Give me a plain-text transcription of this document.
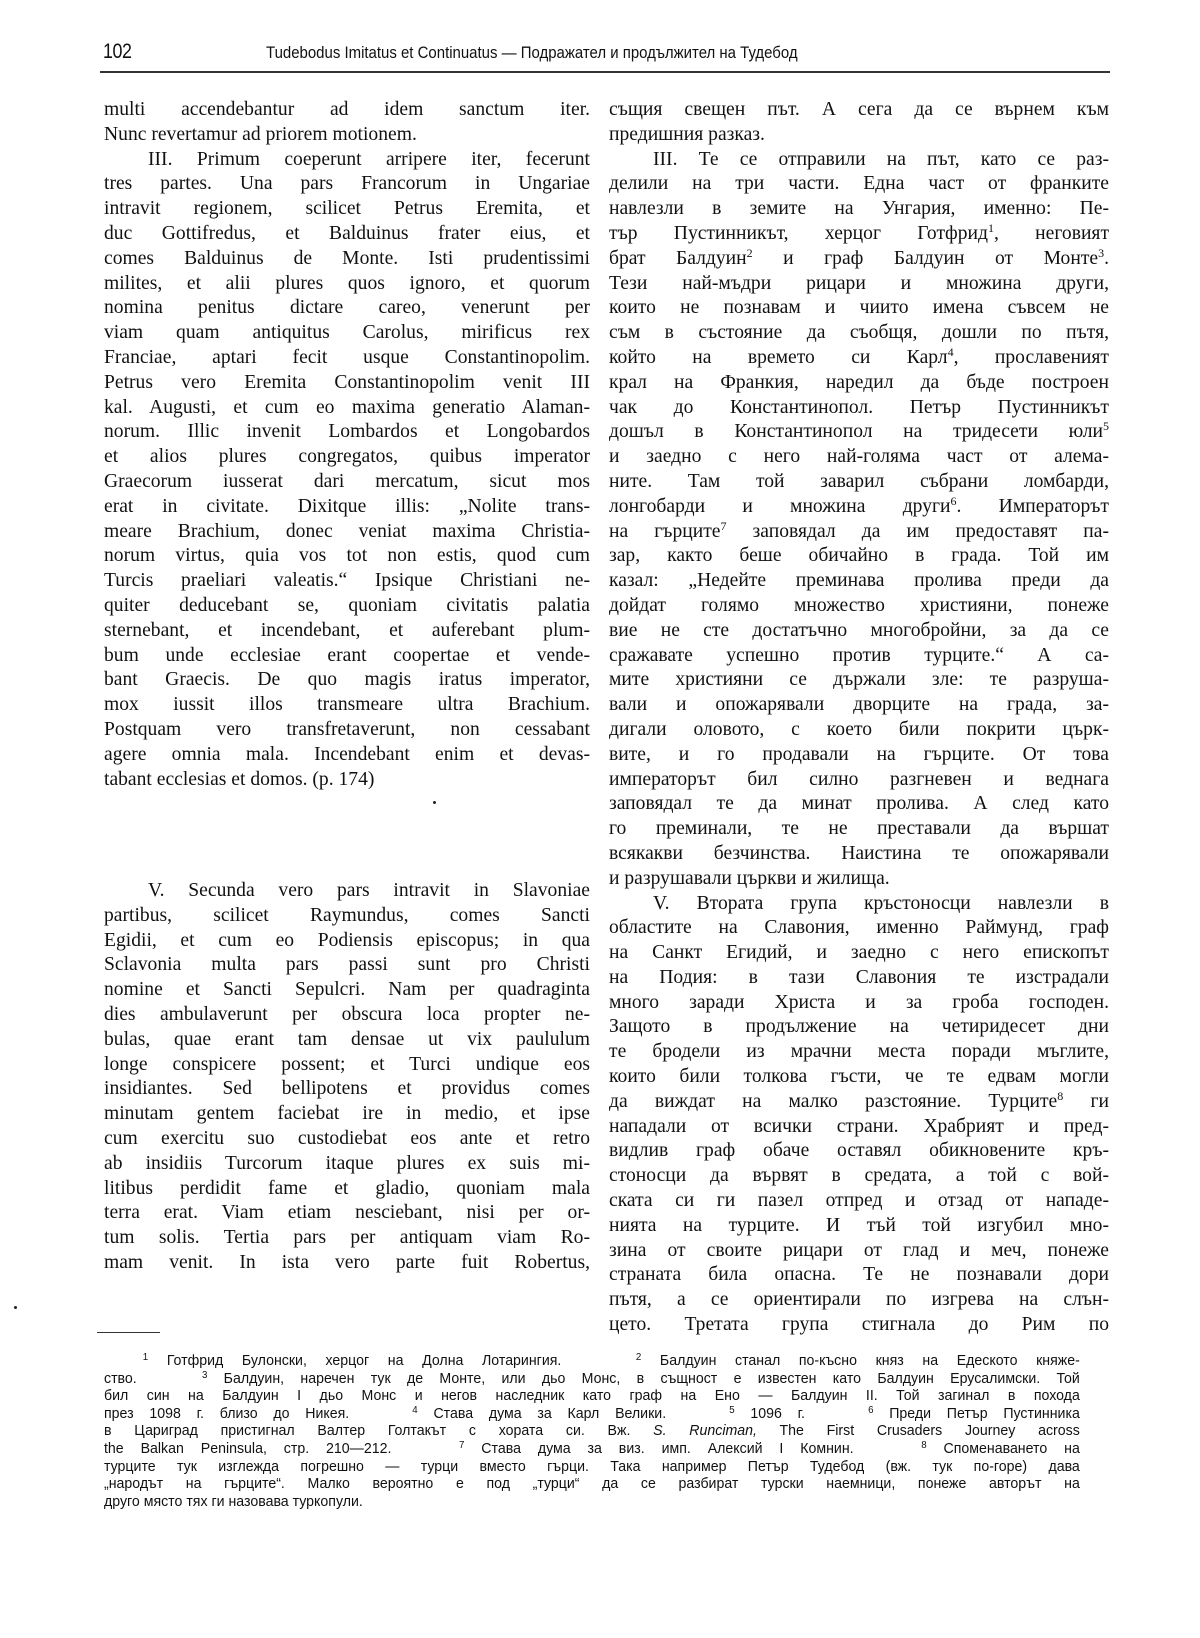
102	Tudebodus Imitatus et Continuatus — Подражател и продължител на Тудебод
multi accendebantur ad idem sanctum iter.
Nunc revertamur ad priorem motionem.
III. Primum coeperunt arripere iter, fecerunt
tres partes. Una pars Francorum in Ungariae
intravit regionem, scilicet Petrus Eremita, et
duc Gottifredus, et Balduinus frater eius, et
comes Balduinus de Monte. Isti prudentissimi
milites, et alii plures quos ignoro, et quorum
nomina penitus dictare careo, venerunt per
viam quam antiquitus Carolus, mirificus rex
Franciae, aptari fecit usque Constantinopolim.
Petrus vero Eremita Constantinopolim venit III
kal. Augusti, et cum eo maxima generatio Alaman-
norum. Illic invenit Lombardos et Longobardos
et alios plures congregatos, quibus imperator
Graecorum iusserat dari mercatum, sicut mos
erat in civitate. Dixitque illis: „Nolite trans-
meare Brachium, donec veniat maxima Christia-
norum virtus, quia vos tot non estis, quod cum
Turcis praeliari valeatis.“ Ipsique Christiani ne-
quiter deducebant se, quoniam civitatis palatia
sternebant, et incendebant, et auferebant plum-
bum unde ecclesiae erant coopertae et vende-
bant Graecis. De quo magis iratus imperator,
mox iussit illos transmeare ultra Brachium.
Postquam vero transfretaverunt, non cessabant
agere omnia mala. Incendebant enim et devas-
tabant ecclesias et domos. (p. 174)
V. Secunda vero pars intravit in Slavoniae
partibus, scilicet Raymundus, comes Sancti
Egidii, et cum eo Podiensis episcopus; in qua
Sclavonia multa pars passi sunt pro Christi
nomine et Sancti Sepulcri. Nam per quadraginta
dies ambulaverunt per obscura loca propter ne-
bulas, quae erant tam densae ut vix paululum
longe conspicere possent; et Turci undique eos
insidiantes. Sed bellipotens et providus comes
minutam gentem faciebat ire in medio, et ipse
cum exercitu suo custodiebat eos ante et retro
ab insidiis Turcorum itaque plures ex suis mi-
litibus perdidit fame et gladio, quoniam mala
terra erat. Viam etiam nesciebant, nisi per or-
tum solis. Tertia pars per antiquam viam Ro-
mam venit. In ista vero parte fuit Robertus,
същия свещен път. А сега да се върнем към
предишния разказ.
III. Те се отправили на път, като се раз-
делили на три части. Една част от франките
навлезли в земите на Унгария, именно: Пе-
тър Пустинникът, херцог Готфрид$^1$, неговият
брат Балдуин$^2$ и граф Балдуин от Монте$^3$.
Тези най-мъдри рицари и множина други,
които не познавам и чиито имена съвсем не
съм в състояние да съобщя, дошли по пътя,
който на времето си Карл$^4$, прославеният
крал на Франкия, наредил да бъде построен
чак до Константинопол. Петър Пустинникът
дошъл в Константинопол на тридесети юли$^5$
и заедно с него най-голяма част от алема-
ните. Там той заварил събрани ломбарди,
лонгобарди и множина други$^6$. Императорът
на гърците$^7$ заповядал да им предоставят па-
зар, както беше обичайно в града. Той им
казал: „Недейте преминава пролива преди да
дойдат голямо множество християни, понеже
вие не сте достатъчно многобройни, за да се
сражавате успешно против турците.“ А са-
мите християни се държали зле: те разруша-
вали и опожарявали дворците на града, за-
дигали оловото, с което били покрити църк-
вите, и го продавали на гърците. От това
императорът бил силно разгневен и веднага
заповядал те да минат пролива. А след като
го преминали, те не преставали да вършат
всякакви безчинства. Наистина те опожарявали
и разрушавали църкви и жилища.
V. Втората група кръстоносци навлезли в
областите на Славония, именно Раймунд, граф
на Санкт Егидий, и заедно с него епископът
на Подия: в тази Славония те изстрадали
много заради Христа и за гроба господен.
Защото в продължение на четиридесет дни
те бродели из мрачни места поради мъглите,
които били толкова гъсти, че те едвам могли
да виждат на малко разстояние. Турците$^8$ ги
нападали от всички страни. Храбрият и пред-
видлив граф обаче оставял обикновените кръ-
стоносци да вървят в средата, а той с вой-
ската си ги пазел отпред и отзад от нападе-
нията на турците. И тъй той изгубил мно-
зина от своите рицари от глад и меч, понеже
страната била опасна. Те не познавали дори
пътя, а се ориентирали по изгрева на слън-
цето. Третата група стигнала до Рим по
$^1$ Готфрид Булонски, херцог на Долна Лотарингия.	$^2$ Балдуин станал по-късно княз на Едеското княже-
ство.	$^3$ Балдуин, наречен тук де Монте, или дьо Монс, в същност е известен като Балдуин Ерусалимски. Той
бил син на Балдуин I дьо Монс и негов наследник като граф на Ено — Балдуин II. Той загинал в похода
през 1098 г. близо до Никея.	$^4$ Става дума за Карл Велики.	$^5$ 1096 г.	$^6$ Преди Петър Пустинника
в Цариград пристигнал Валтер Голтакът с хората си. Вж. S. Runciman, The First Crusaders Journey across
the Balkan Peninsula, стр. 210—212.	$^7$ Става дума за виз. имп. Алексий I Комнин.	$^8$ Споменаването на
турците тук изглежда погрешно — турци вместо гърци. Така например Петър Тудебод (вж. тук по-горе) дава
„народът на гърците“. Малко вероятно е под „турци“ да се разбират турски наемници, понеже авторът на
друго място тях ги назовава туркопули.
